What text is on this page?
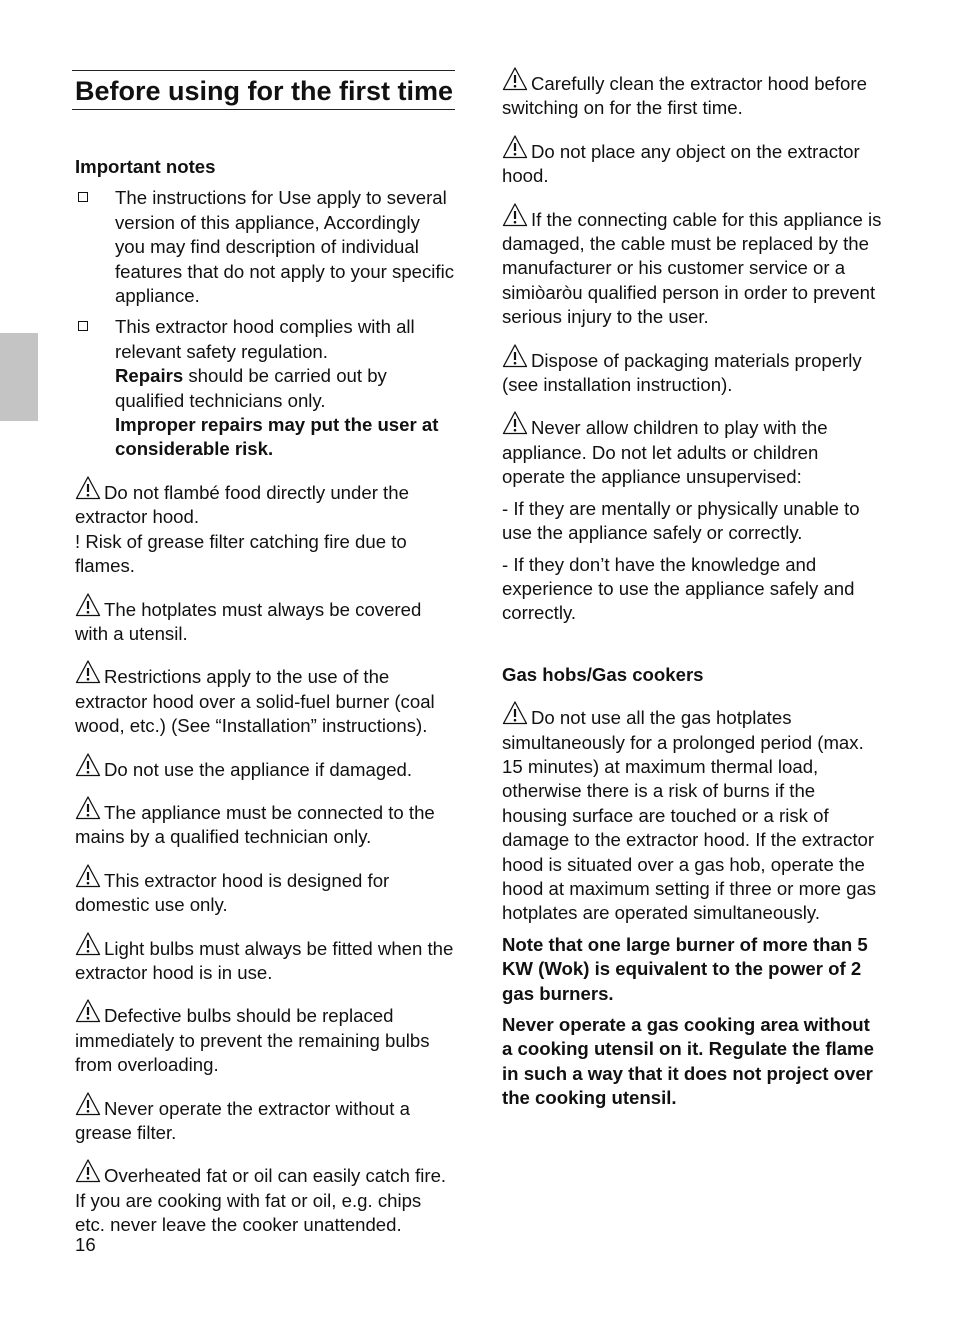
Before using for the first time

Important notes

The instructions for Use apply to several version of this appliance, Accordingly you may find description of individual features that do not apply to your specific appliance.
This extractor hood complies with all relevant safety regulation.
Repairs should be carried out by qualified technicians only.
Improper repairs may put the user at considerable risk.
Do not flambé food directly under the extractor hood.
! Risk of grease filter catching fire due to flames.
The hotplates must always be covered with a utensil.
Restrictions apply to the use of the extractor hood over a solid-fuel burner (coal wood, etc.) (See “Installation” instructions).
Do not use the appliance if damaged.
The appliance must be connected to the mains by a qualified technician only.
This extractor hood is designed for domestic use only.
Light bulbs must always be fitted when the extractor hood is in use.
Defective bulbs should be replaced immediately to prevent the remaining bulbs from overloading.
Never operate the extractor without a grease filter.
Overheated fat or oil can easily catch fire. If you are cooking with fat or oil, e.g. chips etc. never leave the cooker unattended.
Carefully clean the extractor hood before switching on for the first time.
Do not place any object on the extractor hood.
If the connecting cable for this appliance is damaged, the cable must be replaced by the manufacturer or his customer service or a simiòaròu qualified person in order to prevent serious injury to the user.
Dispose of packaging materials properly (see installation instruction).
Never allow children to play with the appliance. Do not let adults or children operate the appliance unsupervised:

- If they are mentally or physically unable to use the appliance safely or correctly.

- If they don’t have the knowledge and experience to use the appliance safely and correctly.

Gas hobs/Gas cookers

Do not use all the gas hotplates simultaneously for a prolonged period (max. 15 minutes) at maximum thermal load, otherwise there is a risk of burns if the housing surface are touched or a risk of damage to the extractor hood. If the extractor hood is situated over a gas hob, operate the hood at maximum setting if three or more gas hotplates are operated simultaneously.

Note that one large burner of more than 5 KW (Wok) is equivalent to the power of 2 gas burners.

Never operate a gas cooking area without a cooking utensil on it. Regulate the flame in such a way that it does not project over the cooking utensil.

16
